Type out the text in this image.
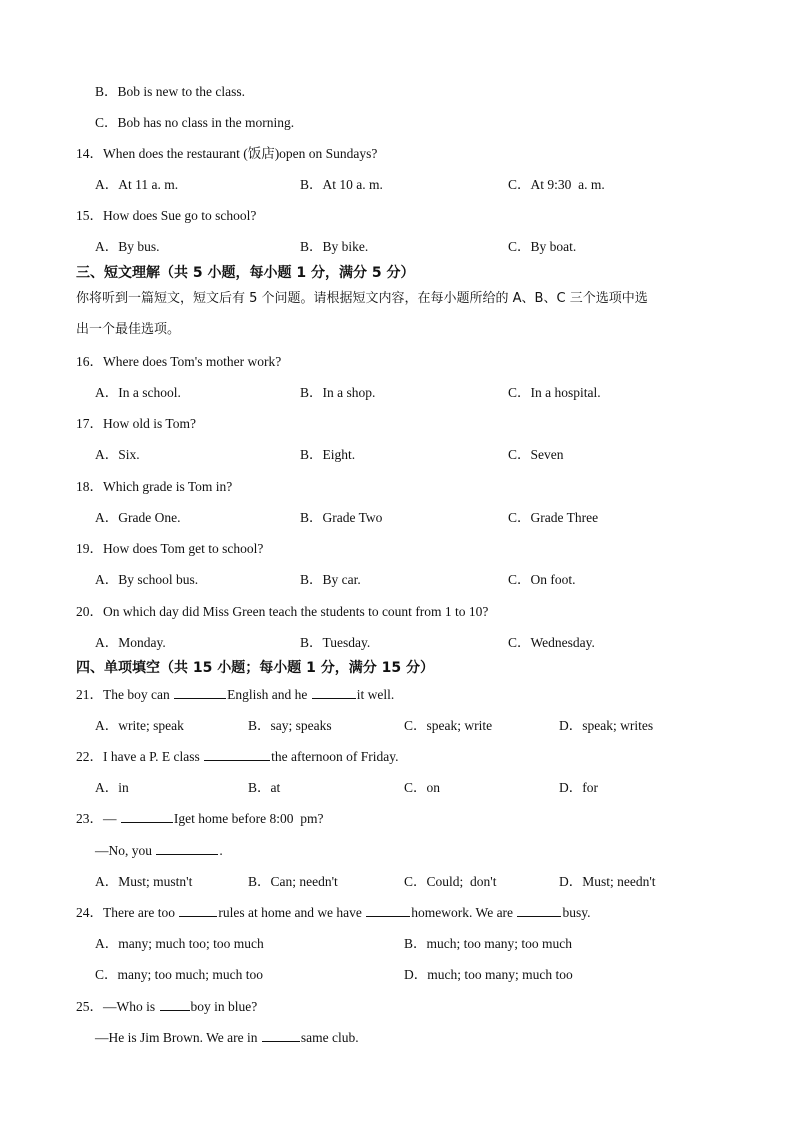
B．Bob is new to the class.
C．Bob has no class in the morning.
14．When does the restaurant (饭店)open on Sundays?
A．At 11 a. m.	B．At 10 a. m.	C．At 9:30  a. m.
15．How does Sue go to school?
A．By bus.	B．By bike.	C．By boat.
三、短文理解（共 5 小题，每小题 1 分，满分 5 分）
你将听到一篇短文，短文后有 5 个问题。请根据短文内容，在每小题所给的 A、B、C 三个选项中选
出一个最佳选项。
16．Where does Tom's mother work?
A．In a school.	B．In a shop.	C．In a hospital.
17．How old is Tom?
A．Six.	B．Eight.	C．Seven
18．Which grade is Tom in?
A．Grade One.	B．Grade Two	C．Grade Three
19．How does Tom get to school?
A．By school bus.	B．By car.	C．On foot.
20．On which day did Miss Green teach the students to count from 1 to 10?
A．Monday.	B．Tuesday.	C．Wednesday.
四、单项填空（共 15 小题；每小题 1 分，满分 15 分）
21．The boy can	English and he	it well.
A．write; speak	B．say; speaks	C．speak; write	D．speak; writes
22．I have a P. E class	the afternoon of Friday.
A．in	B．at	C．on	D．for
23．—	Iget home before 8:00  pm?
—No, you	.
A．Must; mustn't	B．Can; needn't	C．Could;  don't	D．Must; needn't
24．There are too	rules at home and we have	homework. We are	busy.
A．many; much too; too much	B．much; too many; too much
C．many; too much; much too	D．much; too many; much too
25．—Who is boy in blue?
—He is Jim Brown. We are in	same club.
